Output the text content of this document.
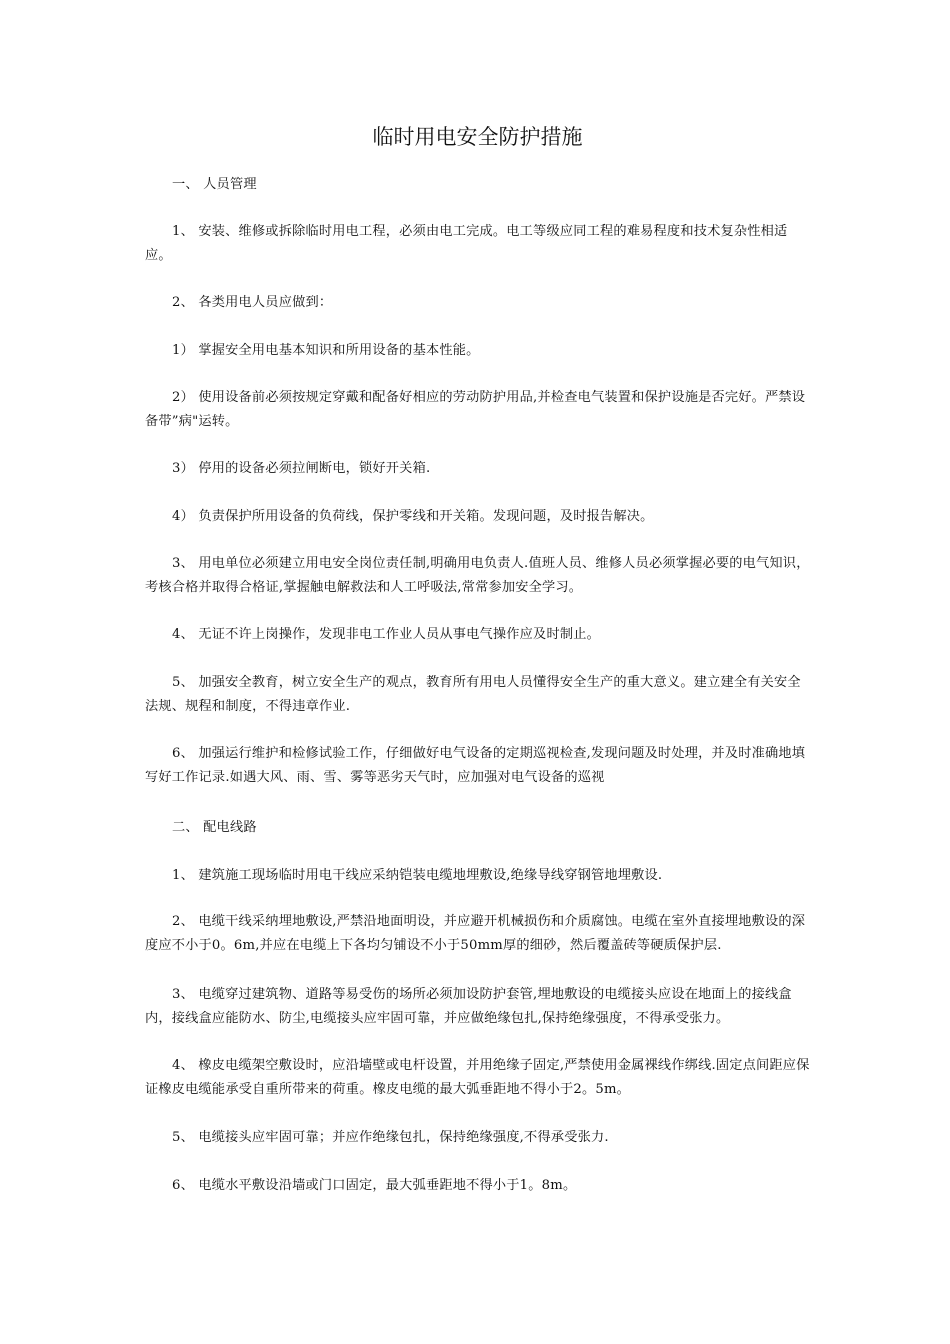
临时用电安全防护措施

一、 人员管理

1、 安装、维修或拆除临时用电工程，必须由电工完成。电工等级应同工程的难易程度和技术复杂性相适应。

2、 各类用电人员应做到：

1） 掌握安全用电基本知识和所用设备的基本性能。

2） 使用设备前必须按规定穿戴和配备好相应的劳动防护用品,并检查电气装置和保护设施是否完好。严禁设备带”病"运转。

3） 停用的设备必须拉闸断电，锁好开关箱.

4） 负责保护所用设备的负荷线，保护零线和开关箱。发现问题，及时报告解决。

3、 用电单位必须建立用电安全岗位责任制,明确用电负责人.值班人员、维修人员必须掌握必要的电气知识，考核合格并取得合格证,掌握触电解救法和人工呼吸法,常常参加安全学习。

4、 无证不许上岗操作，发现非电工作业人员从事电气操作应及时制止。

5、 加强安全教育，树立安全生产的观点，教育所有用电人员懂得安全生产的重大意义。建立建全有关安全法规、规程和制度，不得违章作业.

6、 加强运行维护和检修试验工作，仔细做好电气设备的定期巡视检查,发现问题及时处理，并及时准确地填写好工作记录.如遇大风、雨、雪、雾等恶劣天气时，应加强对电气设备的巡视

二、 配电线路

1、 建筑施工现场临时用电干线应采纳铠装电缆地埋敷设,绝缘导线穿钢管地埋敷设.

2、 电缆干线采纳埋地敷设,严禁沿地面明设，并应避开机械损伤和介质腐蚀。电缆在室外直接埋地敷设的深度应不小于0。6m,并应在电缆上下各均匀铺设不小于50mm厚的细砂，然后覆盖砖等硬质保护层.

3、 电缆穿过建筑物、道路等易受伤的场所必须加设防护套管,埋地敷设的电缆接头应设在地面上的接线盒内，接线盒应能防水、防尘,电缆接头应牢固可靠，并应做绝缘包扎,保持绝缘强度，不得承受张力。

4、 橡皮电缆架空敷设时，应沿墙壁或电杆设置，并用绝缘子固定,严禁使用金属裸线作绑线.固定点间距应保证橡皮电缆能承受自重所带来的荷重。橡皮电缆的最大弧垂距地不得小于2。5m。

5、 电缆接头应牢固可靠；并应作绝缘包扎，保持绝缘强度,不得承受张力.

6、 电缆水平敷设沿墙或门口固定，最大弧垂距地不得小于1。8m。
